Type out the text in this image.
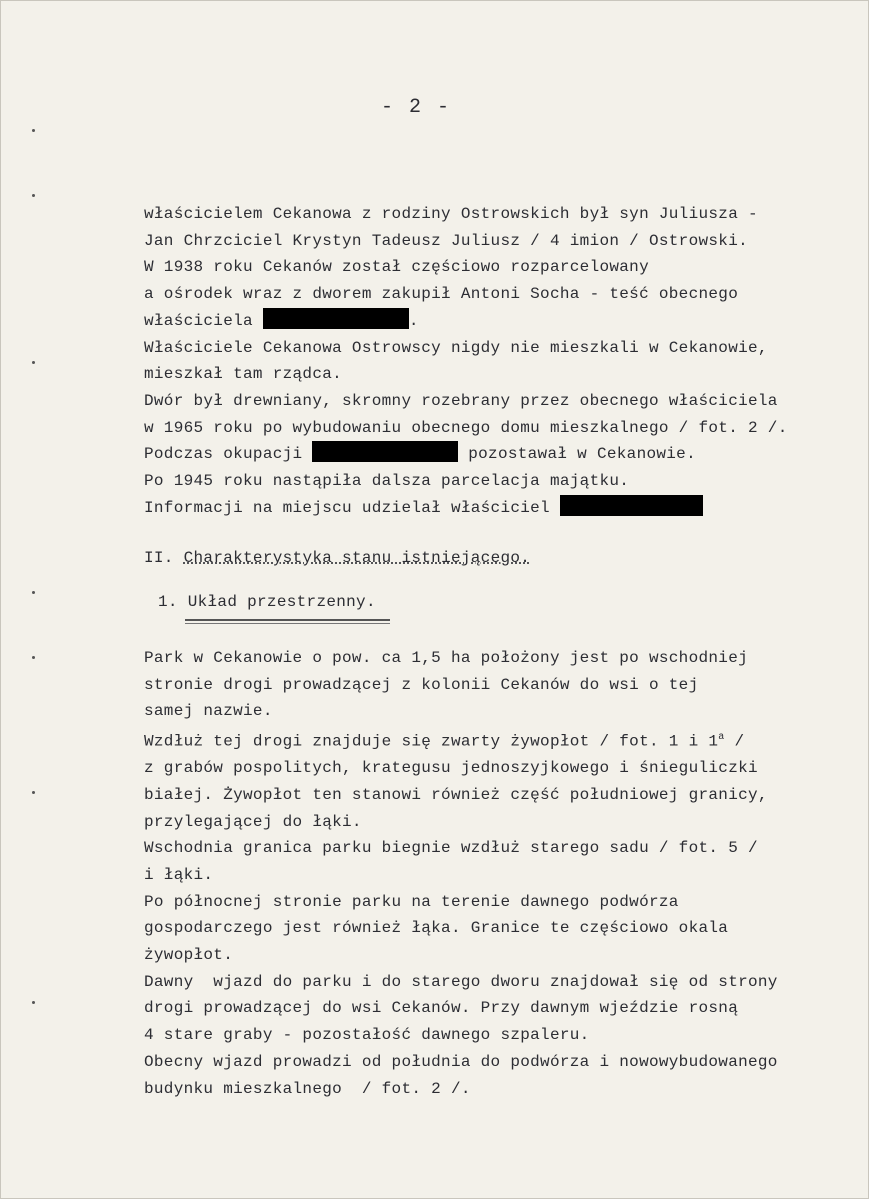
- 2 -
właścicielem Cekanowa z rodziny Ostrowskich był syn Juliusza -
Jan Chrzciciel Krystyn Tadeusz Juliusz / 4 imion / Ostrowski.
W 1938 roku Cekanów został częściowo rozparcelowany
a ośrodek wraz z dworem zakupił Antoni Socha - teść obecnego
właściciela	.
Właściciele Cekanowa Ostrowscy nigdy nie mieszkali w Cekanowie,
mieszkał tam rządca.
Dwór był drewniany, skromny rozebrany przez obecnego właściciela
w 1965 roku po wybudowaniu obecnego domu mieszkalnego / fot. 2 /.
Podczas okupacji	pozostawał w Cekanowie.
Po 1945 roku nastąpiła dalsza parcelacja majątku.
Informacji na miejscu udzielał właściciel
II. Charakterystyka stanu istniejącego.
1. Układ przestrzenny.
Park w Cekanowie o pow. ca 1,5 ha położony jest po wschodniej
stronie drogi prowadzącej z kolonii Cekanów do wsi o tej
samej nazwie.
Wzdłuż tej drogi znajduje się zwarty żywopłot / fot. 1 i 1$^a$ /
z grabów pospolitych, krategusu jednoszyjkowego i śnieguliczki
białej. Żywopłot ten stanowi również część południowej granicy,
przylegającej do łąki.
Wschodnia granica parku biegnie wzdłuż starego sadu / fot. 5 /
i łąki.
Po północnej stronie parku na terenie dawnego podwórza
gospodarczego jest również łąka. Granice te częściowo okala
żywopłot.
Dawny  wjazd do parku i do starego dworu znajdował się od strony
drogi prowadzącej do wsi Cekanów. Przy dawnym wjeździe rosną
4 stare graby - pozostałość dawnego szpaleru.
Obecny wjazd prowadzi od południa do podwórza i nowowybudowanego
budynku mieszkalnego  / fot. 2 /.
